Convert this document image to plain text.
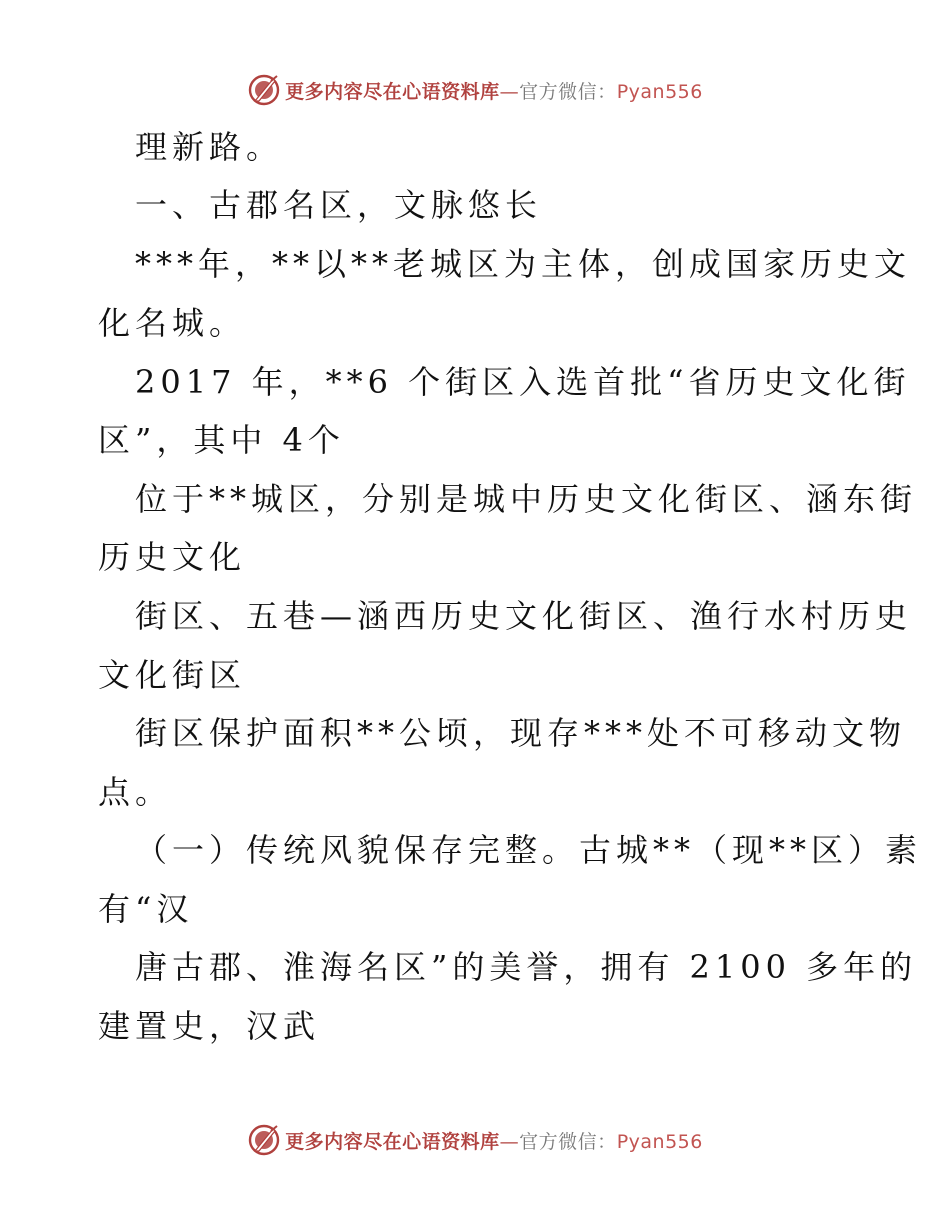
更多内容尽在心语资料库—官方微信：Pyan556
理新路。
一、古郡名区，文脉悠长
***年，**以**老城区为主体，创成国家历史文
化名城。
2017 年，**6 个街区入选首批“省历史文化街
区”，其中 4个
位于**城区，分别是城中历史文化街区、涵东街
历史文化
街区、五巷—涵西历史文化街区、渔行水村历史
文化街区
街区保护面积**公顷，现存***处不可移动文物
点。
（一）传统风貌保存完整。古城**（现**区）素
有“汉
唐古郡、淮海名区”的美誉，拥有 2100 多年的
建置史，汉武
更多内容尽在心语资料库—官方微信：Pyan556
